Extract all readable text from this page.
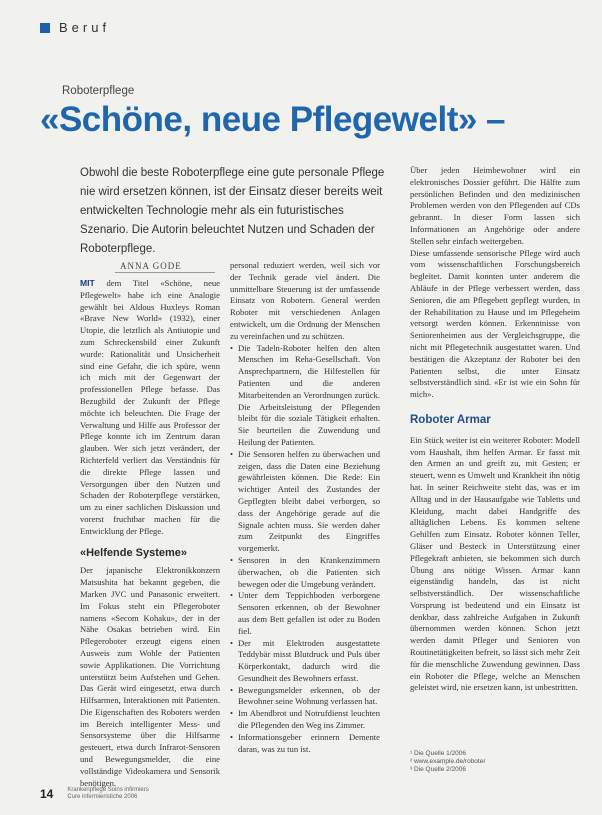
Beruf
Roboterpflege
«Schöne, neue Pflegewelt» –
Obwohl die beste Roboterpflege eine gute personale Pflege nie wird ersetzen können, ist der Einsatz dieser bereits weit entwickelten Technologie mehr als ein futuristisches Szenario. Die Autorin beleuchtet Nutzen und Schaden der Roboterpflege.
ANNA GODE

MIT dem Titel «Schöne, neue Pflegewelt» habe ich eine Analogie gewählt bei Aldous Huxleys Roman «Brave New World» (1932), einer Utopie, die letztlich als Antiutopie und zum Schreckensbild einer Zukunft wurde: Rationalität und Unsicherheit sind eine Gefahr, die ich spüre, wenn ich mich mit der Gegenwart der professionellen Pflege befasse. Das Bezugbild der Zukunft der Pflege möchte ich beleuchten. Die Frage der Verwaltung und Hilfe aus Professor der Pflege konnte ich im Zentrum daran glauben. Wer sich jetzt verändert, der Richterfeld verliert das Verständnis für die direkte Pflege lassen und Versorgungen über den Nutzen und Schaden der Roboterpflege verstärken, um zu einer sachlichen Diskussion und vorerst fruchtbar machen für die Entwicklung der Pflege.

«Helfende Systeme»

Der japanische Elektronikkonzern Matsushita hat bekannt gegeben, die Marken JVC und Panasonic erweitert. Im Fokus steht ein Pflegeroboter namens «Secom Kohaku», der in der Nähe Osakas betrieben wird. Ein Pflegeroboter erzeugt eigens einen Ausweis zum Wohle der Patienten sowie Applikationen. Die Vorrichtung unterstützt beim Aufstehen und Gehen. Das Gerät wird eingesetzt, etwa durch Hilfsarmen, Interaktionen mit Patienten. Die Eigenschaften des Roboters werden im Bereich intelligenter Mess- und Sensorsysteme über die Hilfsarme gesteuert, etwa durch Infrarot-Sensoren und Bewegungsmelder, die eine vollständige Videokamera und Sensorik benötigen.

personal reduziert werden, weil sich vor der Technik gerade viel ändert. Die unmittelbare Steuerung ist der umfassende Einsatz von Robotern. General werden Roboter mit verschiedenen Anlagen entwickelt, um die Ordnung der Menschen zu vereinfachen und zu schützen.

• Die Tadeln-Roboter helfen den alten Menschen im Reha-Gesellschaft. Von Ansprechpartnern, die Hilfestellen für Patienten und die anderen Mitarbeitenden an Verordnungen zurück. Die Arbeitsleistung der Pflegenden bleibt für die soziale Tätigkeit erhalten. Sie beurteilen die Zuwendung und Heilung der Patienten.
• Die Sensoren helfen zu überwachen und zeigen, dass die Daten eine Beziehung gewährleisten können. Die Rede: Ein wichtiger Anteil des Zustandes der Gepflegten bleibt dabei verborgen, so dass der Angehörige gerade auf die Signale achten muss. Sie werden daher zum Zeitpunkt des Eingriffes vorgemerkt.
• Sensoren in den Krankenzimmern überwachen, ob die Patienten sich bewegen oder die Umgebung verändert.
• Unter dem Teppichboden verborgene Sensoren erkennen, ob der Bewohner aus dem Bett gefallen ist oder zu Boden fiel.
• Der mit Elektroden ausgestattete Teddybär misst Blutdruck und Puls über Körperkontakt, dadurch wird die Gesundheit des Bewohners erfasst.
• Bewegungsmelder erkennen, ob der Bewohner seine Wohnung verlassen hat.
• Im Abendbrot und Notrufdienst leuchten die Pflegenden den Weg ins Zimmer.
• Informationsgeber erinnern Demente daran, was zu tun ist.

Über jeden Heimbewohner wird ein elektronisches Dossier geführt. Die Hälfte zum persönlichen Befinden und den medizinischen Problemen werden von den Pflegenden auf CDs gebrannt. In dieser Form lassen sich Informationen an Angehörige oder andere Stellen sehr einfach weitergeben.

Diese umfassende sensorische Pflege wird auch vom wissenschaftlichen Forschungsbereich begleitet. Damit konnten unter anderem die Abläufe in der Pflege verbessert werden, dass Senioren, die am Pflegebett gepflegt wurden, in der Rehabilitation zu Hause und im Pflegeheim versorgt werden können. Erkenntnisse von Seniorenheimen aus der Vergleichsgruppe, die nicht mit Pflegetechnik ausgestattet waren. Und bestätigen die Akzeptanz der Roboter bei den Patienten selbst, die unter Einsatz selbstverständlich sind. «Er ist wie ein Sohn für mich».

Roboter Armar

Ein Stück weiter ist ein weiterer Roboter: Modell vom Haushalt, ihm helfen Armar. Er fasst mit den Armen an und greift zu, mit Gesten; er steuert, wenn es Umwelt und Krankheit ihn nötig hat. In seiner Reichweite steht das, was er im Alltag und in der Hausaufgabe wie Tabletts und Kleidung, macht dabei Handgriffe des alltäglichen Lebens. Es kommen seltene Gehilfen zum Einsatz. Roboter können Teller, Gläser und Besteck in Unterstützung einer Pflegekraft anbieten, sie bekommen sich durch Übung ans nötige Wissen. Armar kann eigenständig handeln, das ist nicht selbstverständlich. Der wissenschaftliche Vorsprung ist bedeutend und ein Einsatz ist denkbar, dass zahlreiche Aufgaben in Zukunft übernommen werden können. Schon jetzt werden damit Pfleger und Senioren von Routinetätigkeiten befreit, so lässt sich mehr Zeit für die menschliche Zuwendung gewinnen. Dass ein Roboter die Pflege, welche an Menschen geleistet wird, nie ersetzen kann, ist unbestritten.

¹ Die Quelle 1/2006
² www.example.de/roboter
³ Die Quelle 2/2006
14 Krankenpflege Soins infirmiers
Cure infermieristiche 2006
